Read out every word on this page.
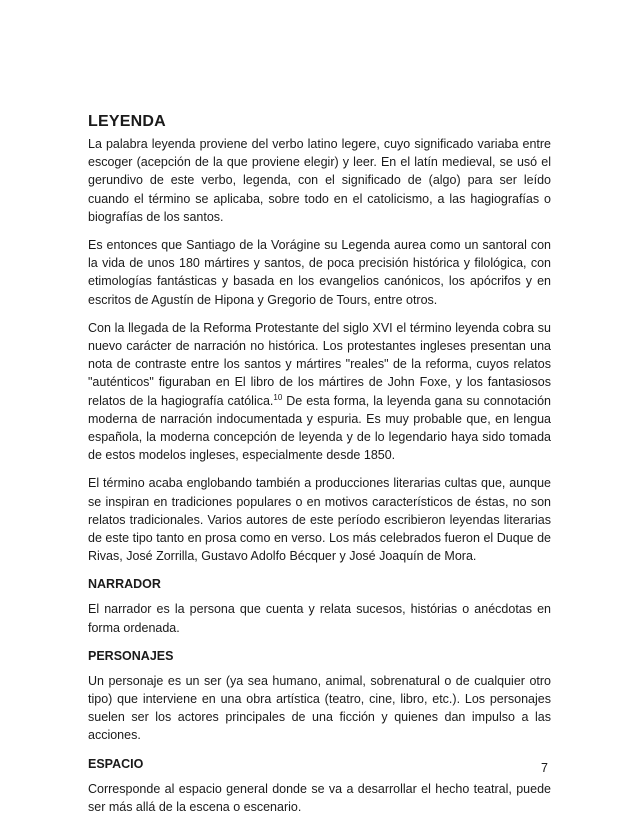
LEYENDA

La palabra leyenda proviene del verbo latino legere, cuyo significado variaba entre escoger (acepción de la que proviene elegir) y leer. En el latín medieval, se usó el gerundivo de este verbo, legenda, con el significado de (algo) para ser leído cuando el término se aplicaba, sobre todo en el catolicismo, a las hagiografías o biografías de los santos.

Es entonces que Santiago de la Vorágine su Legenda aurea como un santoral con la vida de unos 180 mártires y santos, de poca precisión histórica y filológica, con etimologías fantásticas y basada en los evangelios canónicos, los apócrifos y en escritos de Agustín de Hipona y Gregorio de Tours, entre otros.

Con la llegada de la Reforma Protestante del siglo XVI el término leyenda cobra su nuevo carácter de narración no histórica. Los protestantes ingleses presentan una nota de contraste entre los santos y mártires "reales" de la reforma, cuyos relatos "auténticos" figuraban en El libro de los mártires de John Foxe, y los fantasiosos relatos de la hagiografía católica.$^{10}$ De esta forma, la leyenda gana su connotación moderna de narración indocumentada y espuria. Es muy probable que, en lengua española, la moderna concepción de leyenda y de lo legendario haya sido tomada de estos modelos ingleses, especialmente desde 1850.

El término acaba englobando también a producciones literarias cultas que, aunque se inspiran en tradiciones populares o en motivos característicos de éstas, no son relatos tradicionales. Varios autores de este período escribieron leyendas literarias de este tipo tanto en prosa como en verso. Los más celebrados fueron el Duque de Rivas, José Zorrilla, Gustavo Adolfo Bécquer y José Joaquín de Mora.

NARRADOR

El narrador es la persona que cuenta y relata sucesos, histórias o anécdotas en forma ordenada.

PERSONAJES

Un personaje es un ser (ya sea humano, animal, sobrenatural o de cualquier otro tipo) que interviene en una obra artística (teatro, cine, libro, etc.). Los personajes suelen ser los actores principales de una ficción y quienes dan impulso a las acciones.

ESPACIO

Corresponde al espacio general donde se va a desarrollar el hecho teatral, puede ser más allá de la escena o escenario.

7
